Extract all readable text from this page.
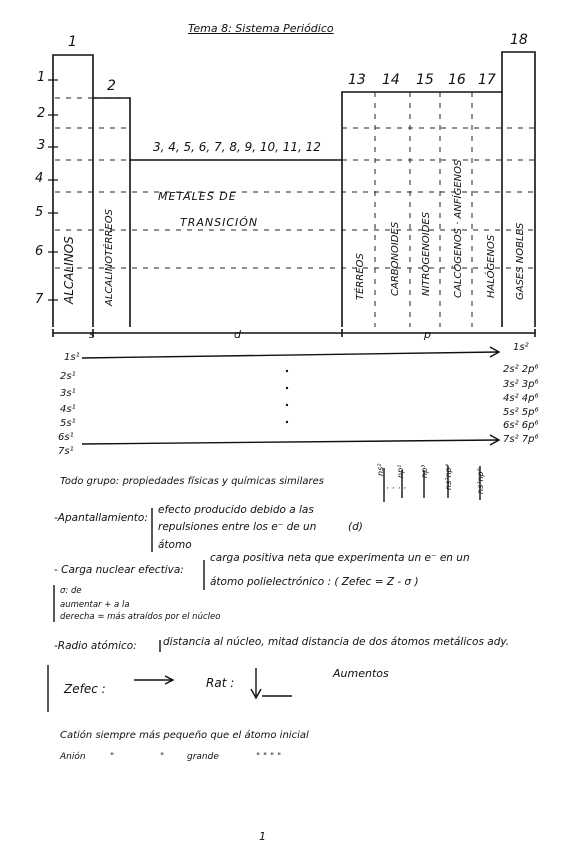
Tema 8: Sistema Periódico
1
2	13 14 15 16 17
18
3, 4, 5, 6, 7, 8, 9, 10, 11, 12
1
2
3
4
5
6
7
METALES DE
TRANSICIÓN
ALCALINOS	ALCALINOTÉRREOS	TÉRREOS CARBONOIDES NITROGENOIDES CALCÓGENOS · ANFÍGENOS HALÓGENOS GASES NOBLES
s	d	p
1s¹
2s¹
3s¹
4s¹
5s¹
6s¹
7s¹
1s²
2s² 2p⁶
3s² 3p⁶
4s² 4p⁶
5s² 5p⁶
6s² 6p⁶
7s² 7p⁶
Todo grupo: propiedades físicas y químicas similares
ns² np¹ np³ ns²np⁴	ns²np⁶
· · · ·
-Apantallamiento:
efecto producido debido a las
repulsiones entre los e⁻ de un	(d)
átomo
- Carga nuclear efectiva:
carga positiva neta que experimenta un e⁻ en un
átomo polielectrónico : ( Zefec = Z - σ )
σ: de
aumentar + a la
derecha = más atraídos por el núcleo
-Radio atómico:	distancia al núcleo, mitad distancia de dos átomos metálicos ady.
Zefec :	Rat :
Aumentos
Catión siempre más pequeño que el átomo inicial
Anión	"	"	grande	" " " "
1
